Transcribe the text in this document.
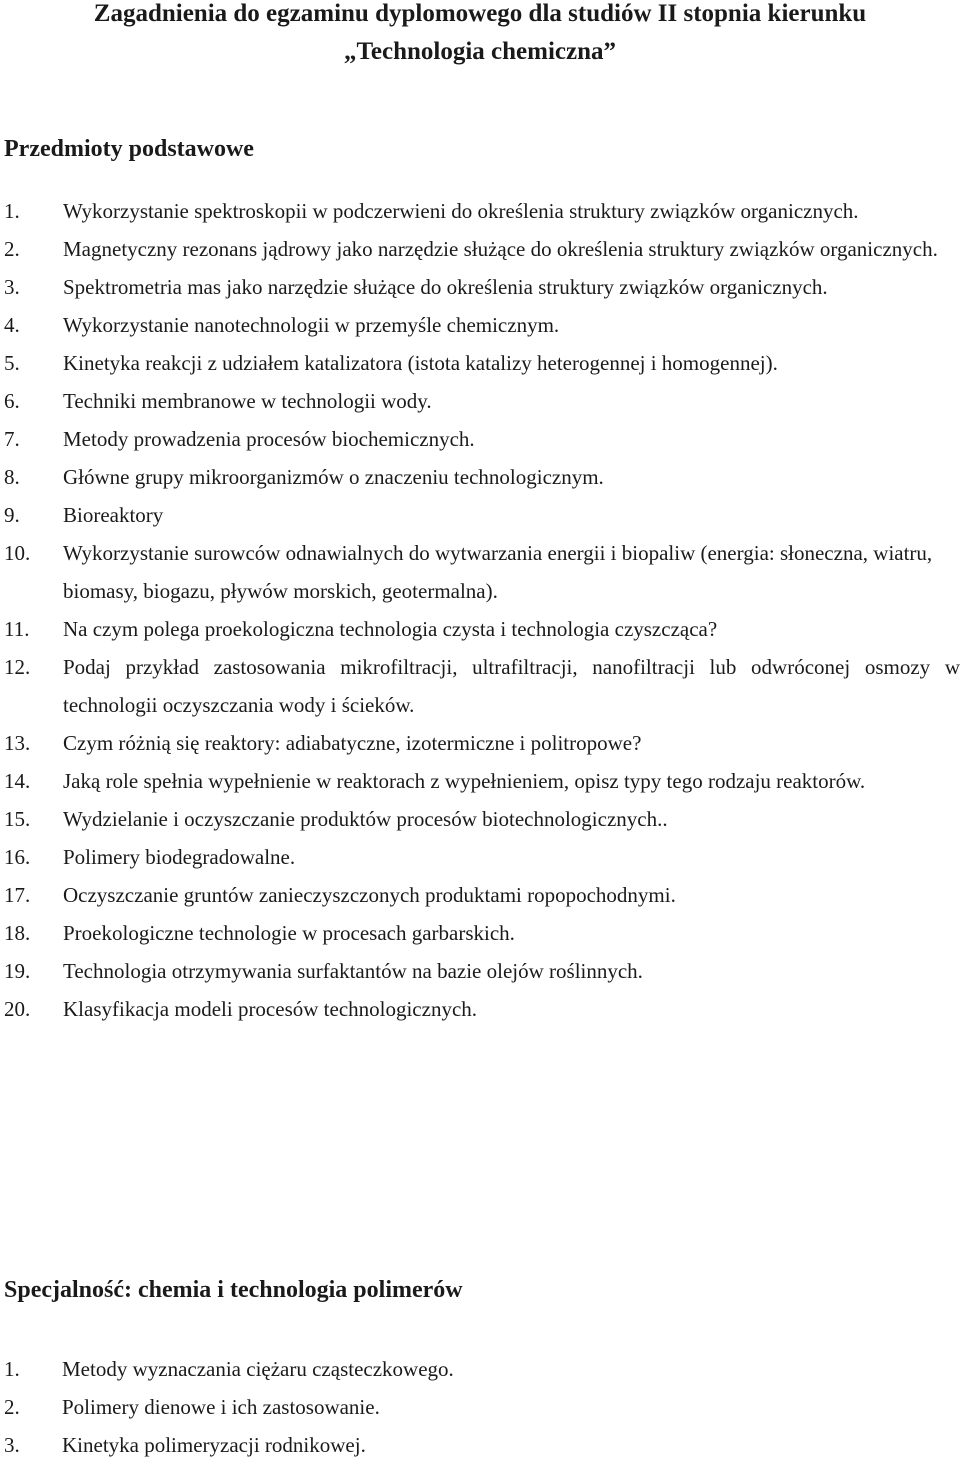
Zagadnienia do egzaminu dyplomowego dla studiów II stopnia kierunku
„Technologia chemiczna”
Przedmioty podstawowe
1. Wykorzystanie spektroskopii w podczerwieni do określenia struktury związków organicznych.
2. Magnetyczny rezonans jądrowy jako narzędzie służące do określenia struktury związków organicznych.
3. Spektrometria mas jako narzędzie służące do określenia struktury związków organicznych.
4. Wykorzystanie nanotechnologii w przemyśle chemicznym.
5. Kinetyka reakcji z udziałem katalizatora (istota katalizy heterogennej i homogennej).
6. Techniki membranowe w technologii wody.
7. Metody prowadzenia procesów biochemicznych.
8. Główne grupy mikroorganizmów o znaczeniu technologicznym.
9. Bioreaktory
10. Wykorzystanie surowców odnawialnych do wytwarzania energii i biopaliw (energia: słoneczna, wiatru, biomasy, biogazu, pływów morskich, geotermalna).
11. Na czym polega proekologiczna technologia czysta i technologia czyszcząca?
12. Podaj przykład zastosowania mikrofiltracji, ultrafiltracji, nanofiltracji lub odwróconej osmozy w technologii oczyszczania wody i ścieków.
13. Czym różnią się reaktory: adiabatyczne, izotermiczne i politropowe?
14. Jaką role spełnia wypełnienie w reaktorach z wypełnieniem, opisz typy tego rodzaju reaktorów.
15. Wydzielanie i oczyszczanie produktów procesów biotechnologicznych..
16. Polimery biodegradowalne.
17. Oczyszczanie gruntów zanieczyszczonych produktami ropopochodnymi.
18. Proekologiczne technologie w procesach garbarskich.
19. Technologia otrzymywania surfaktantów na bazie olejów roślinnych.
20. Klasyfikacja modeli procesów technologicznych.
Specjalność: chemia i technologia polimerów
1. Metody wyznaczania ciężaru cząsteczkowego.
2. Polimery dienowe i ich zastosowanie.
3. Kinetyka polimeryzacji rodnikowej.
